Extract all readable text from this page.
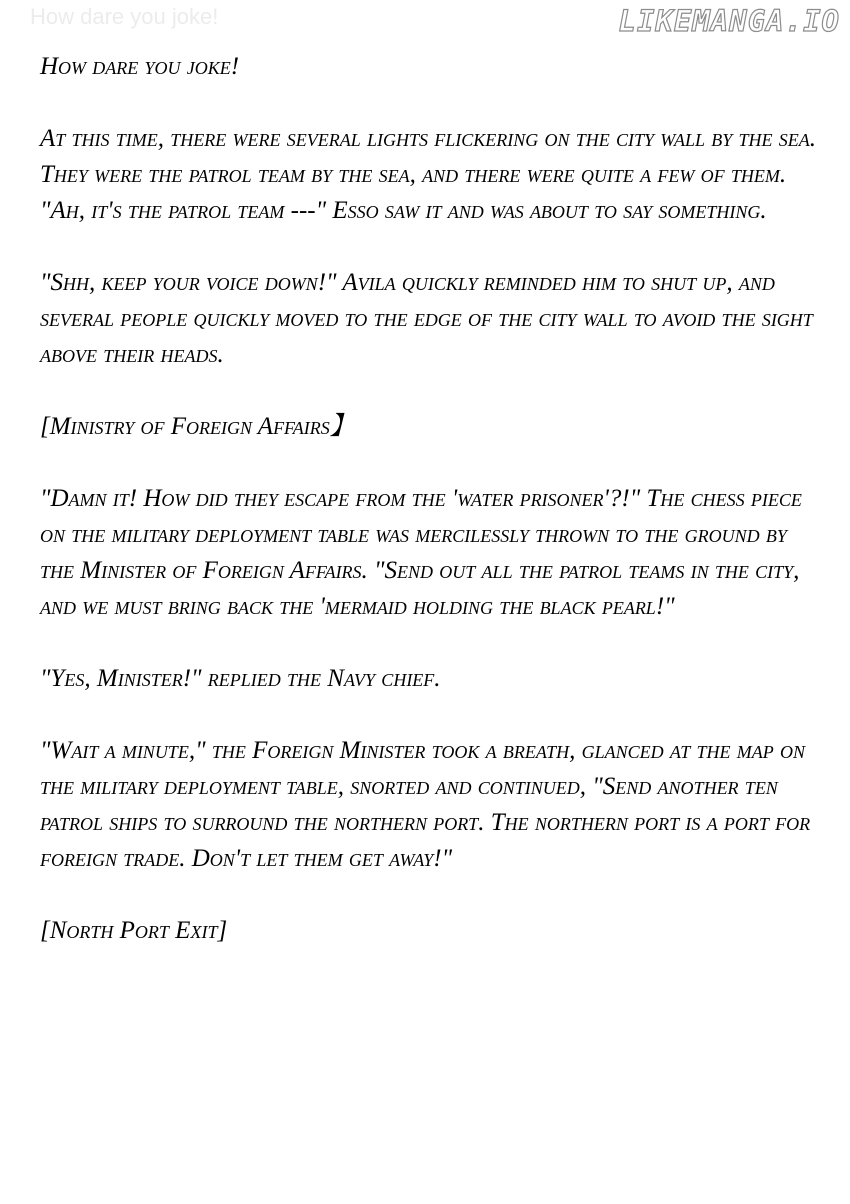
How dare you joke!	LIKEMANGA.IO

How dare you joke!

At this time, there were several lights flickering on the city wall by the sea. They were the patrol team by the sea, and there were quite a few of them. "Ah, it's the patrol team ---" Esso saw it and was about to say something.

"Shh, keep your voice down!" Avila quickly reminded him to shut up, and several people quickly moved to the edge of the city wall to avoid the sight above their heads.

[Ministry of Foreign Affairs】

"Damn it! How did they escape from the 'water prisoner'?!" The chess piece on the military deployment table was mercilessly thrown to the ground by the Minister of Foreign Affairs. "Send out all the patrol teams in the city, and we must bring back the 'mermaid holding the black pearl!"

"Yes, Minister!" replied the Navy chief.

"Wait a minute," the Foreign Minister took a breath, glanced at the map on the military deployment table, snorted and continued, "Send another ten patrol ships to surround the northern port. The northern port is a port for foreign trade. Don't let them get away!"

[North Port Exit]
